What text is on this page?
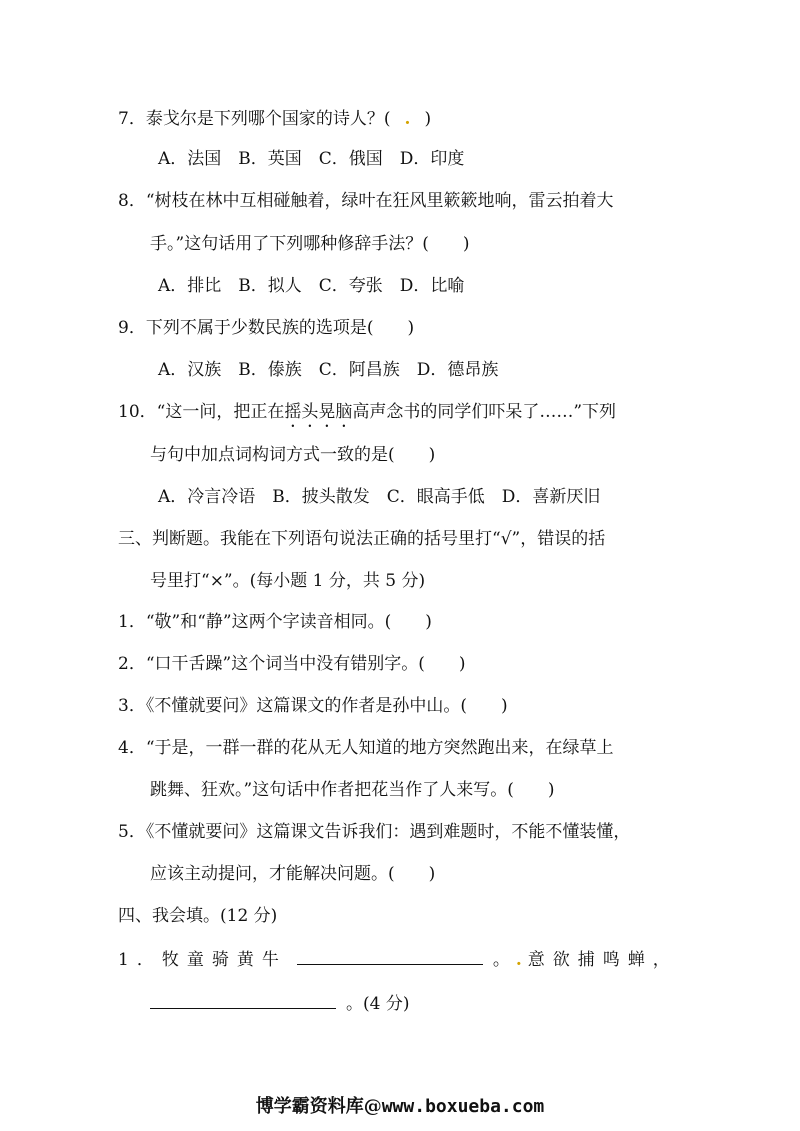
7．泰戈尔是下列哪个国家的诗人？( . )
A．法国　B．英国　C．俄国　D．印度
8．“树枝在林中互相碰触着，绿叶在狂风里簌簌地响，雷云拍着大
手。”这句话用了下列哪种修辞手法？(　　)
A．排比　B．拟人　C．夸张　D．比喻
9．下列不属于少数民族的选项是(　　)
A．汉族　B．傣族　C．阿昌族　D．德昂族
10．“这一问，把正在摇头晃脑高声念书的同学们吓呆了……”下列
与句中加点词构词方式一致的是(　　)
A．冷言冷语　B．披头散发　C．眼高手低　D．喜新厌旧
三、判断题。我能在下列语句说法正确的括号里打“√”，错误的括
号里打“×”。(每小题 1 分，共 5 分)
1．“敬”和“静”这两个字读音相同。(　　)
2．“口干舌躁”这个词当中没有错别字。(　　)
3．《不懂就要问》这篇课文的作者是孙中山。(　　)
4．“于是，一群一群的花从无人知道的地方突然跑出来，在绿草上
跳舞、狂欢。”这句话中作者把花当作了人来写。(　　)
5．《不懂就要问》这篇课文告诉我们：遇到难题时，不能不懂装懂，
应该主动提问，才能解决问题。(　　)
四、我会填。(12 分)
1．牧童骑黄牛	。 . 意欲捕鸣蝉，
。(4 分)
博学霸资料库@www.boxueba.com
